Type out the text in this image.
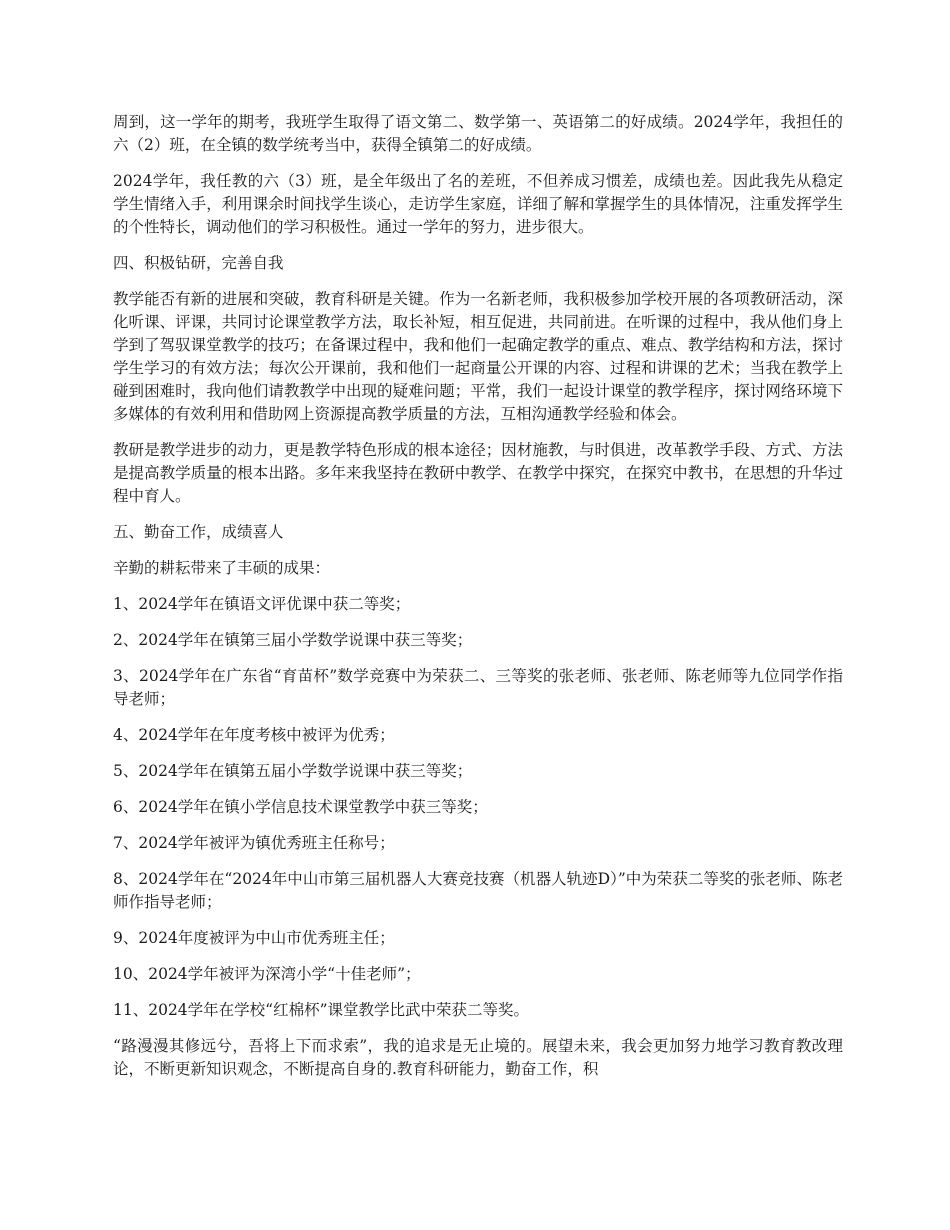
周到，这一学年的期考，我班学生取得了语文第二、数学第一、英语第二的好成绩。2024学年，我担任的六（2）班，在全镇的数学统考当中，获得全镇第二的好成绩。

2024学年，我任教的六（3）班，是全年级出了名的差班，不但养成习惯差，成绩也差。因此我先从稳定学生情绪入手，利用课余时间找学生谈心，走访学生家庭，详细了解和掌握学生的具体情况，注重发挥学生的个性特长，调动他们的学习积极性。通过一学年的努力，进步很大。

四、积极钻研，完善自我

教学能否有新的进展和突破，教育科研是关键。作为一名新老师，我积极参加学校开展的各项教研活动，深化听课、评课，共同讨论课堂教学方法，取长补短，相互促进，共同前进。在听课的过程中，我从他们身上学到了驾驭课堂教学的技巧；在备课过程中，我和他们一起确定教学的重点、难点、教学结构和方法，探讨学生学习的有效方法；每次公开课前，我和他们一起商量公开课的内容、过程和讲课的艺术；当我在教学上碰到困难时，我向他们请教教学中出现的疑难问题；平常，我们一起设计课堂的教学程序，探讨网络环境下多媒体的有效利用和借助网上资源提高教学质量的方法，互相沟通教学经验和体会。

教研是教学进步的动力，更是教学特色形成的根本途径；因材施教，与时俱进，改革教学手段、方式、方法是提高教学质量的根本出路。多年来我坚持在教研中教学、在教学中探究，在探究中教书，在思想的升华过程中育人。

五、勤奋工作，成绩喜人

辛勤的耕耘带来了丰硕的成果：

1、2024学年在镇语文评优课中获二等奖；

2、2024学年在镇第三届小学数学说课中获三等奖；

3、2024学年在广东省“育苗杯”数学竞赛中为荣获二、三等奖的张老师、张老师、陈老师等九位同学作指导老师；

4、2024学年在年度考核中被评为优秀；

5、2024学年在镇第五届小学数学说课中获三等奖；

6、2024学年在镇小学信息技术课堂教学中获三等奖；

7、2024学年被评为镇优秀班主任称号；

8、2024学年在“2024年中山市第三届机器人大赛竞技赛（机器人轨迹D）”中为荣获二等奖的张老师、陈老师作指导老师；

9、2024年度被评为中山市优秀班主任；

10、2024学年被评为深湾小学“十佳老师”；

11、2024学年在学校“红棉杯”课堂教学比武中荣获二等奖。

“路漫漫其修远兮，吾将上下而求索”，我的追求是无止境的。展望未来，我会更加努力地学习教育教改理论，不断更新知识观念，不断提高自身的.教育科研能力，勤奋工作，积
